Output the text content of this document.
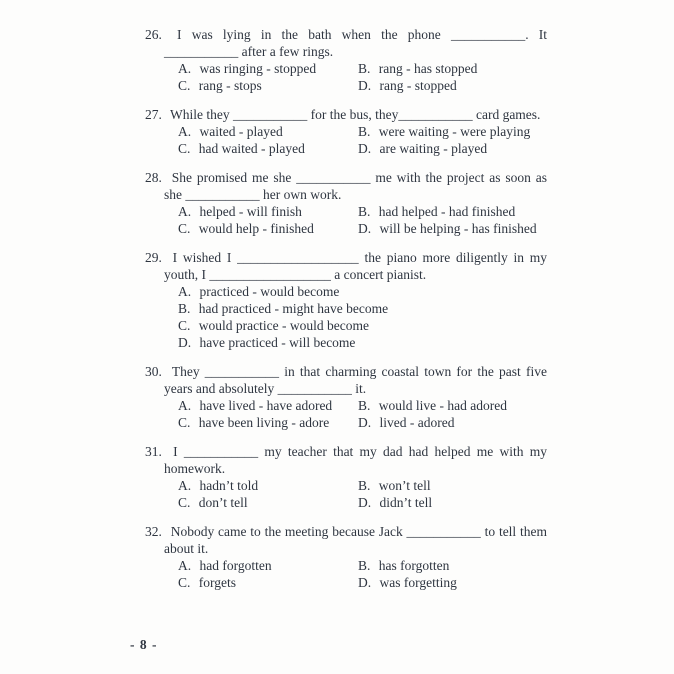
26. I was lying in the bath when the phone ___________. It ___________ after a few rings.

A. was ringing - stopped	B. rang - has stopped
C. rang - stops	D. rang - stopped

27. While they ___________ for the bus, they___________ card games.

A. waited - played	B. were waiting - were playing
C. had waited - played	D. are waiting - played

28. She promised me she ___________ me with the project as soon as she ___________ her own work.

A. helped - will finish	B. had helped - had finished
C. would help - finished	D. will be helping - has finished

29. I wished I __________________ the piano more diligently in my youth, I __________________ a concert pianist.

A. practiced - would become
B. had practiced - might have become
C. would practice - would become
D. have practiced - will become

30. They ___________ in that charming coastal town for the past five years and absolutely ___________ it.

A. have lived - have adored	B. would live - had adored
C. have been living - adore	D. lived - adored

31. I ___________ my teacher that my dad had helped me with my homework.

A. hadn’t told	B. won’t tell
C. don’t tell	D. didn’t tell

32. Nobody came to the meeting because Jack ___________ to tell them about it.

A. had forgotten	B. has forgotten
C. forgets	D. was forgetting
- 8 -
